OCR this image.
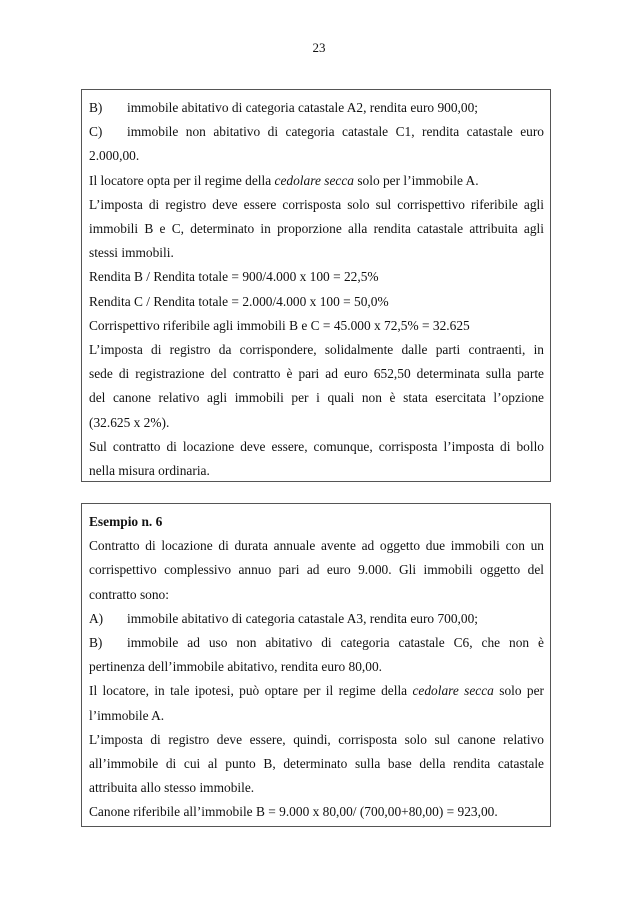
23
B) immobile abitativo di categoria catastale A2, rendita euro 900,00;
C) immobile non abitativo di categoria catastale C1, rendita catastale euro
2.000,00.
Il locatore opta per il regime della cedolare secca solo per l’immobile A.
L’imposta di registro deve essere corrisposta solo sul corrispettivo riferibile agli
immobili B e C, determinato in proporzione alla rendita catastale attribuita agli
stessi immobili.
Rendita B / Rendita totale = 900/4.000 x 100 = 22,5%
Rendita C / Rendita totale = 2.000/4.000 x 100 = 50,0%
Corrispettivo riferibile agli immobili B e C = 45.000 x 72,5% = 32.625
L’imposta di registro da corrispondere, solidalmente dalle parti contraenti, in
sede di registrazione del contratto è pari ad euro 652,50 determinata sulla parte
del canone relativo agli immobili per i quali non è stata esercitata l’opzione
(32.625 x 2%).
Sul contratto di locazione deve essere, comunque, corrisposta l’imposta di bollo
nella misura ordinaria.
Esempio n. 6
Contratto di locazione di durata annuale avente ad oggetto due immobili con un
corrispettivo complessivo annuo pari ad euro 9.000. Gli immobili oggetto del
contratto sono:
A) immobile abitativo di categoria catastale A3, rendita euro 700,00;
B) immobile ad uso non abitativo di categoria catastale C6, che non è
pertinenza dell’immobile abitativo, rendita euro 80,00.
Il locatore, in tale ipotesi, può optare per il regime della cedolare secca solo per
l’immobile A.
L’imposta di registro deve essere, quindi, corrisposta solo sul canone relativo
all’immobile di cui al punto B, determinato sulla base della rendita catastale
attribuita allo stesso immobile.
Canone riferibile all’immobile B = 9.000 x 80,00/ (700,00+80,00) = 923,00.
